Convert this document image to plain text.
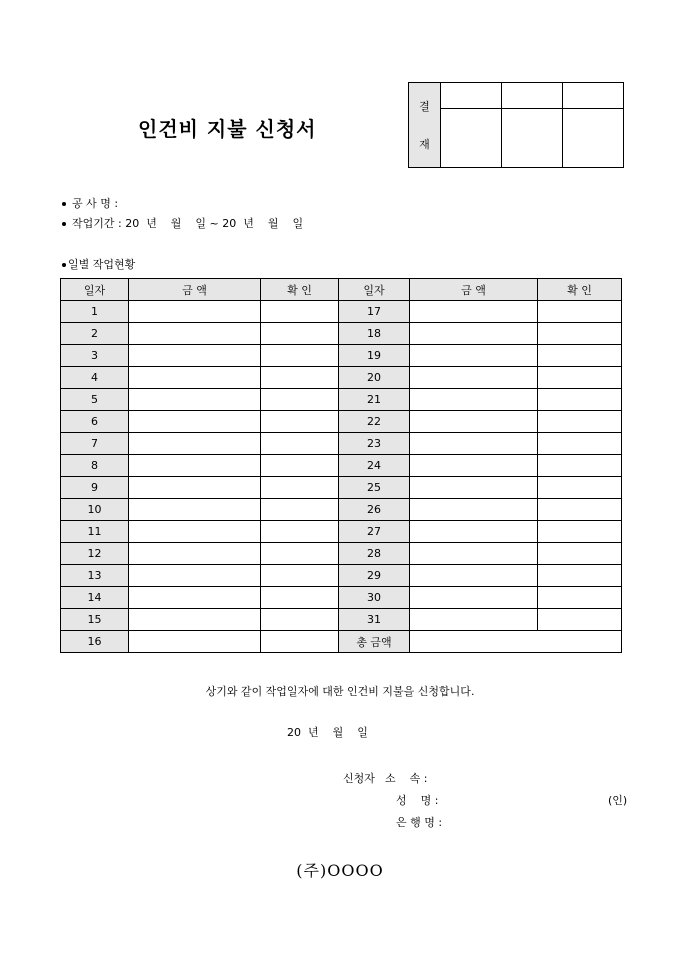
인건비 지불 신청서
결
재			

공 사 명 :
작업기간 : 20  년    월    일 ~ 20  년    월    일
일별 작업현황
일자	금 액	확 인	일자	금 액	확 인
1			17		
2			18		
3			19		
4			20		
5			21		
6			22		
7			23		
8			24		
9			25		
10			26		
11			27		
12			28		
13			29		
14			30		
15			31		
16			총 금액		
상기와 같이 작업일자에 대한 인건비 지불을 신청합니다.
20  년    월    일
신청자 소    속 :
성    명 :	(인)
은 행 명 :
(주)OOOO
